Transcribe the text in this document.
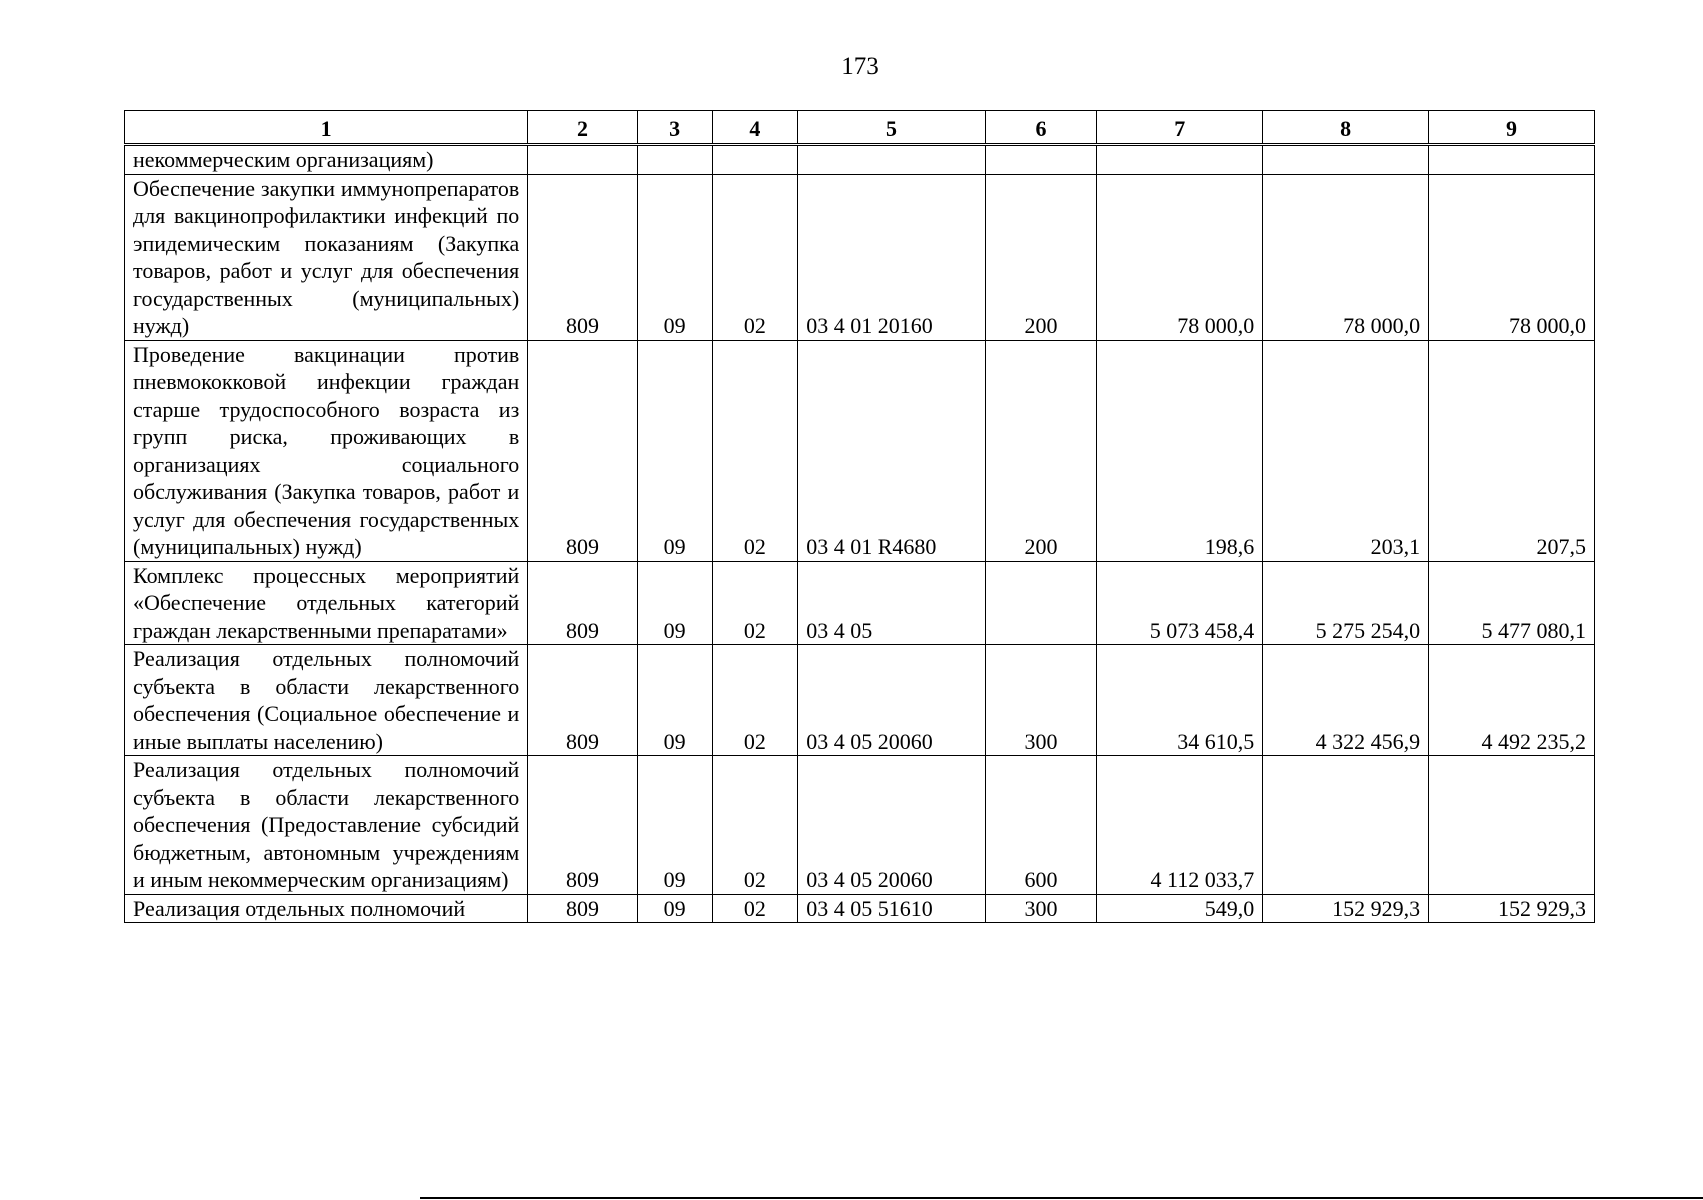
173
1	2	3	4	5	6	7	8	9
некоммерческим организациям)								
Обеспечение закупки иммунопрепаратов для вакцинопрофилактики инфекций по эпидемическим показаниям (Закупка товаров, работ и услуг для обеспечения государственных (муниципальных) нужд)	809	09	02	03 4 01 20160	200	78 000,0	78 000,0	78 000,0
Проведение вакцинации против пневмококковой инфекции граждан старше трудоспособного возраста из групп риска, проживающих в организациях социального обслуживания (Закупка товаров, работ и услуг для обеспечения государственных (муниципальных) нужд)	809	09	02	03 4 01 R4680	200	198,6	203,1	207,5
Комплекс процессных мероприятий «Обеспечение отдельных категорий граждан лекарственными препаратами»	809	09	02	03 4 05		5 073 458,4	5 275 254,0	5 477 080,1
Реализация отдельных полномочий субъекта в области лекарственного обеспечения (Социальное обеспечение и иные выплаты населению)	809	09	02	03 4 05 20060	300	34 610,5	4 322 456,9	4 492 235,2
Реализация отдельных полномочий субъекта в области лекарственного обеспечения (Предоставление субсидий бюджетным, автономным учреждениям и иным некоммерческим организациям)	809	09	02	03 4 05 20060	600	4 112 033,7		
Реализация отдельных полномочий	809	09	02	03 4 05 51610	300	549,0	152 929,3	152 929,3
